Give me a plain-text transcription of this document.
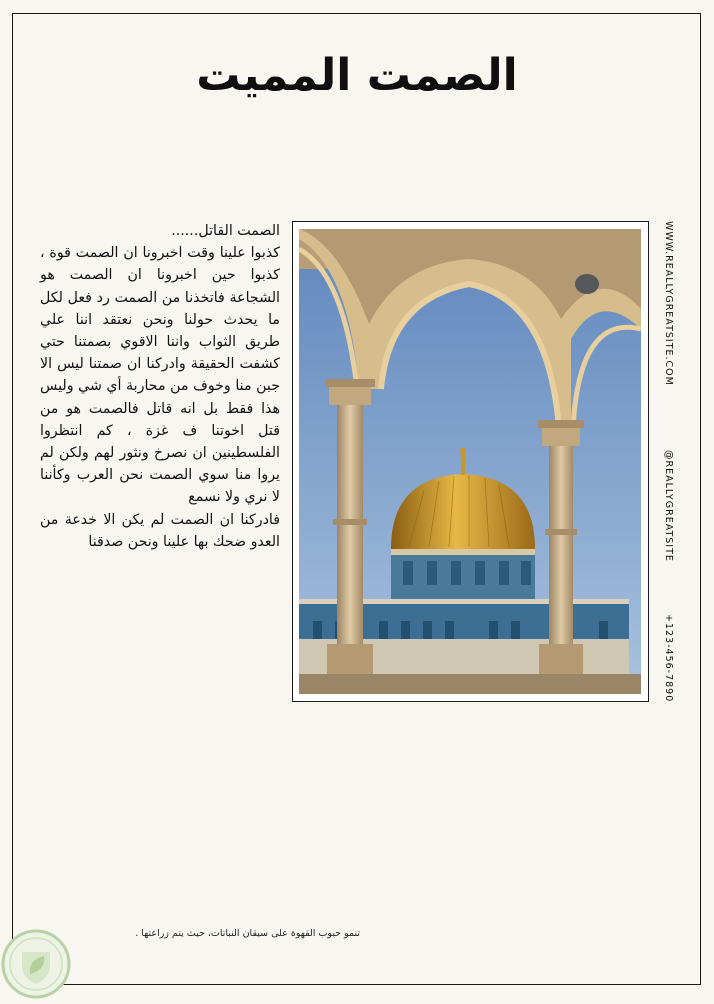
الصمت المميت

الصمت القاتل......

كذبوا علينا وقت اخبرونا ان الصمت قوة ، كذبوا حين اخبرونا ان الصمت هو الشجاعة فاتخذنا من الصمت رد فعل لكل ما يحدث حولنا ونحن نعتقد اننا علي طريق الثواب واننا الاقوي بصمتنا حتي كشفت الحقيقة وادركنا ان صمتنا ليس الا جبن منا وخوف من محاربة أي شي وليس هذا فقط بل انه قاتل فالصمت هو من قتل اخوتنا ف غزة ، كم انتظروا الفلسطينين ان نصرخ ونثور لهم ولكن لم يروا منا سوي الصمت نحن العرب وكأننا لا نري ولا نسمع

فادركنا ان الصمت لم يكن الا خدعة من العدو ضحك بها علينا ونحن صدقنا

WWW.REALLYGREATSITE.COM
@REALLYGREATSITE
+123-456-7890
تنمو حبوب القهوة على سيقان النباتات، حيث يتم زراعتها .
